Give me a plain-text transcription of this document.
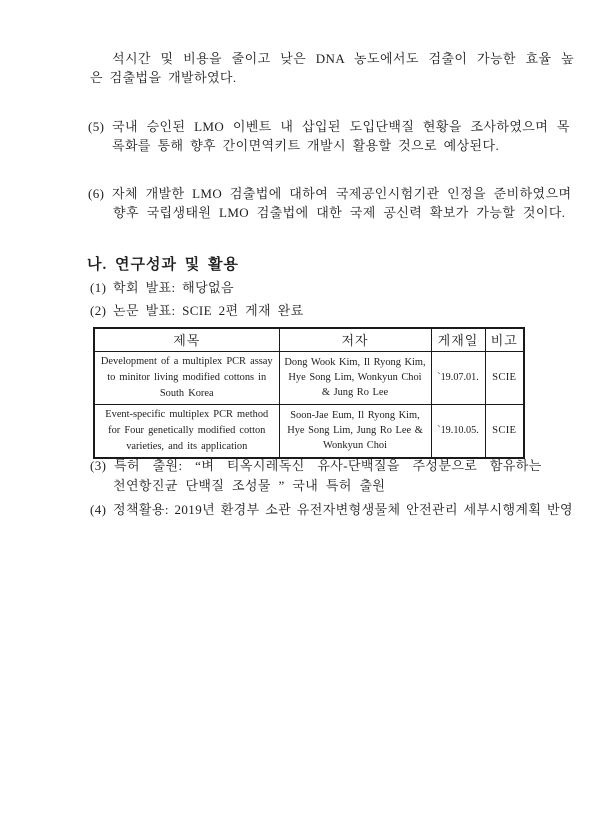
석시간 및 비용을 줄이고 낮은 DNA 농도에서도 검출이 가능한 효율 높
은 검출법을 개발하였다.
(5) 국내 승인된 LMO 이벤트 내 삽입된 도입단백질 현황을 조사하였으며 목
록화를 통해 향후 간이면역키트 개발시 활용할 것으로 예상된다.
(6) 자체 개발한 LMO 검출법에 대하여 국제공인시험기관 인정을 준비하였으며
향후 국립생태원 LMO 검출법에 대한 국제 공신력 확보가 가능할 것이다.
나. 연구성과 및 활용
(1) 학회 발표: 해당없음
(2) 논문 발표: SCIE 2편 게재 완료
제목	저자	게재일	비고
Development of a multiplex PCR assay to minitor living modified cottons in South Korea	Dong Wook Kim, Il Ryong Kim, Hye Song Lim, Wonkyun Choi & Jung Ro Lee	`19.07.01.	SCIE
Event-specific multiplex PCR method for Four genetically modified cotton varieties, and its application	Soon-Jae Eum, Il Ryong Kim, Hye Song Lim, Jung Ro Lee & Wonkyun Choi	`19.10.05.	SCIE
(3) 특허 출원: “벼 티옥시레독신 유사-단백질을 주성분으로 함유하는
천연항진균 단백질 조성물 ” 국내 특허 출원
(4) 정책활용: 2019년 환경부 소관 유전자변형생물체 안전관리 세부시행계획 반영
